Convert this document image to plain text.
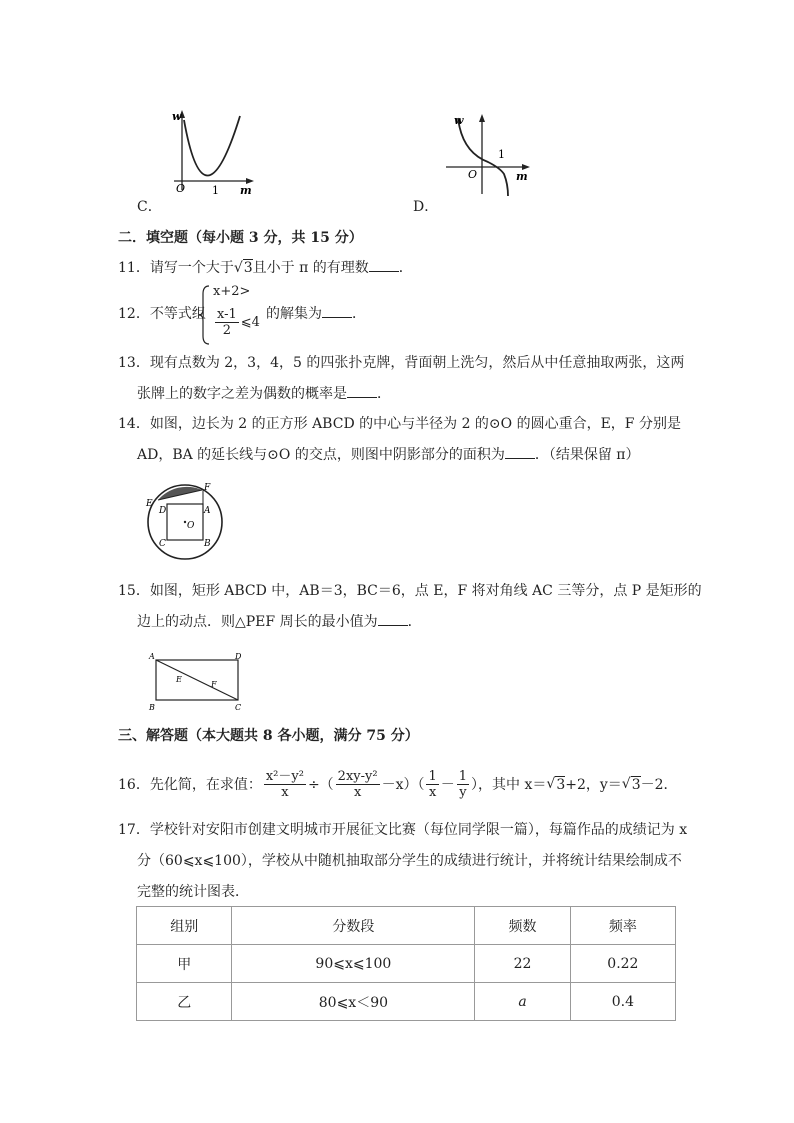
w
O 1 m
C．
w
O
1
m
D．
二．填空题（每小题 3 分，共 15 分）
11．请写一个大于√3且小于 π 的有理数 ．
12．不等式组
x+2>
$\frac{x-1}{2}$ ⩽4
的解集为 ．
13．现有点数为 2，3，4，5 的四张扑克牌，背面朝上洗匀，然后从中任意抽取两张，这两
张牌上的数字之差为偶数的概率是 ．
14．如图，边长为 2 的正方形 ABCD 的中心与半径为 2 的⊙O 的圆心重合，E，F 分别是
AD，BA 的延长线与⊙O 的交点，则图中阴影部分的面积为 ．（结果保留 π）
E
F
D	A
C	B
O
15．如图，矩形 ABCD 中，AB＝3，BC＝6，点 E，F 将对角线 AC 三等分，点 P 是矩形的
边上的动点．则△PEF 周长的最小值为 ．
A	D
E
F
B	C
三、解答题（本大题共 8 各小题，满分 75 分）
16．先化简，在求值： $\frac{\text{x²－y²}}{x}$ ÷（ $\frac{\text{2xy-y²}}{x} -x)( \frac{1}{x} - \frac{1}{y}$ ），其中 x＝ √ 3 +2，y＝ √ 3 －2．
17．学校针对安阳市创建文明城市开展征文比赛（每位同学限一篇），每篇作品的成绩记为 x
分（60⩽x⩽100），学校从中随机抽取部分学生的成绩进行统计，并将统计结果绘制成不
完整的统计图表．
组别	分数段	频数	频率
甲	90⩽x⩽100	22	0.22
乙	80⩽x＜90	a	0.4
